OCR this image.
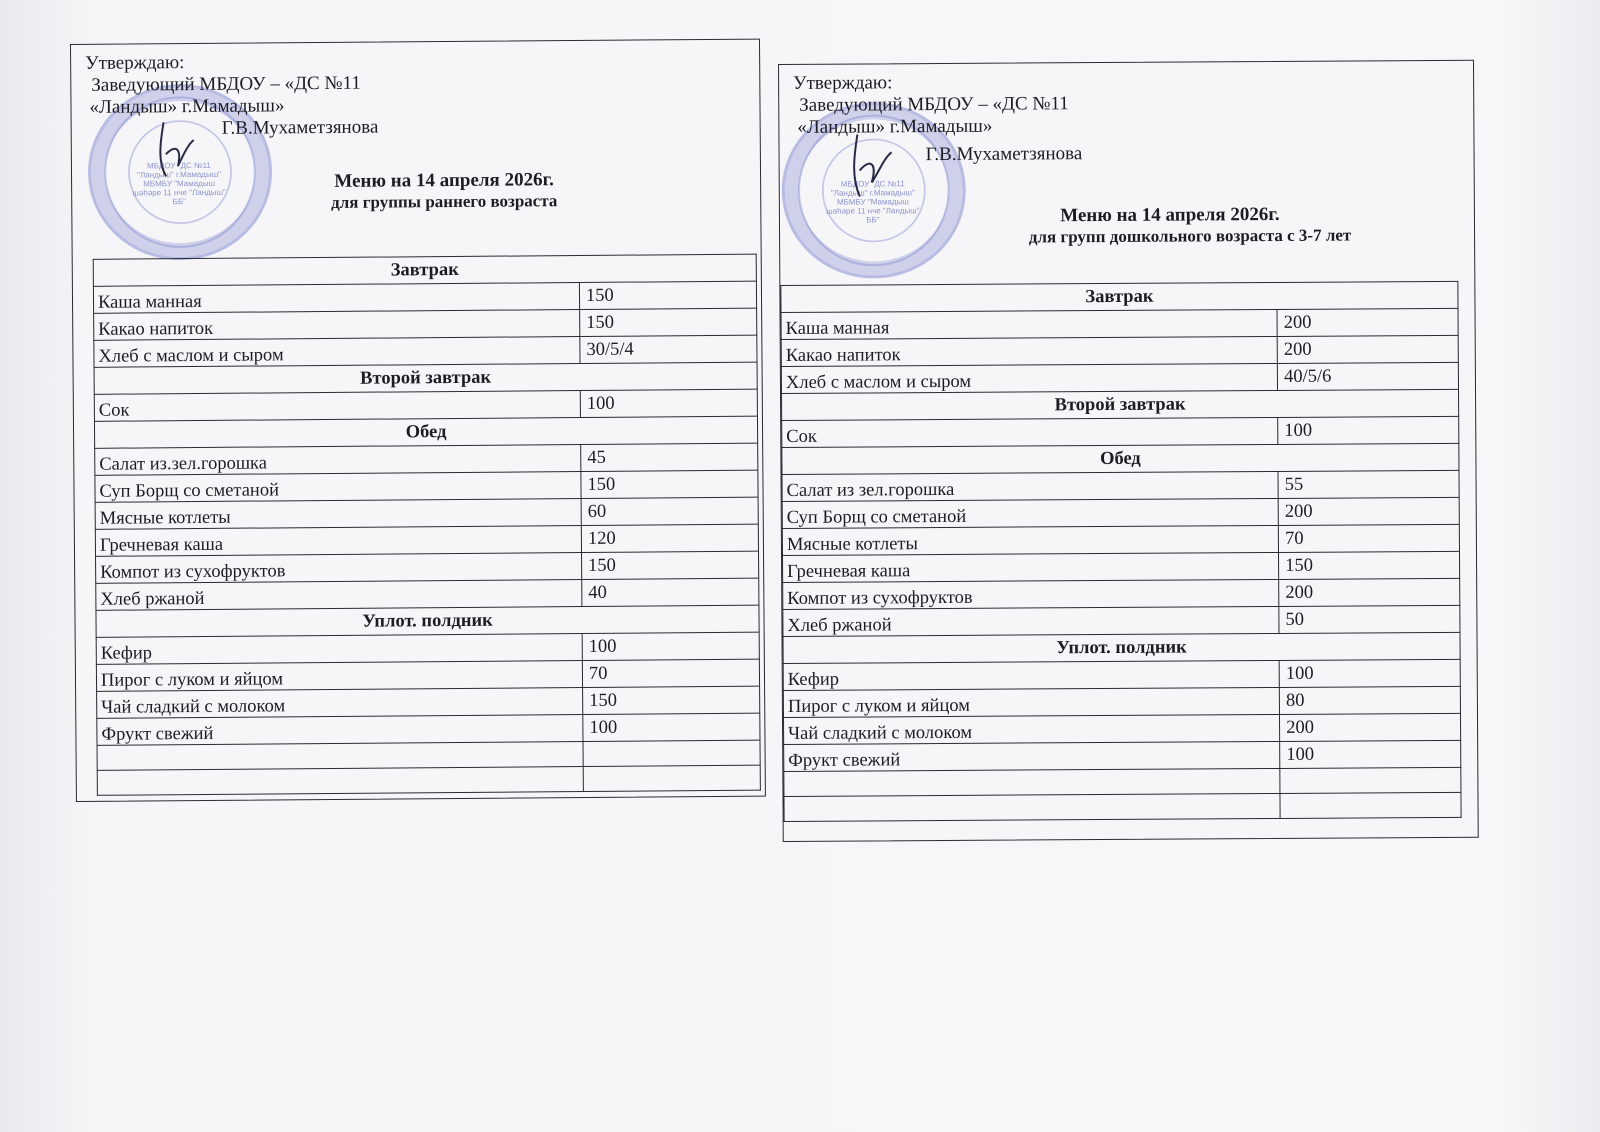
МБДОУ "ДС №11 "Ландыш" г.Мамадыш" МБМБУ "Мамадыш шәһәре 11 нче "Ландыш" ББ"
Утверждаю:
Заведующий МБДОУ – «ДС №11
«Ландыш» г.Мамадыш»
Г.В.Мухаметзянова
Меню на 14 апреля 2026г.
для группы раннего возраста
Завтрак	
Каша манная	150
Какао напиток	150
Хлеб с маслом и сыром	30/5/4
Второй завтрак	
Сок	100
Обед	
Салат из.зел.горошка	45
Суп Борщ со сметаной	150
Мясные котлеты	60
Гречневая каша	120
Компот из сухофруктов	150
Хлеб ржаной	40
Уплот. полдник	
Кефир	100
Пирог с луком и яйцом	70
Чай сладкий с молоком	150
Фрукт свежий	100

МБДОУ "ДС №11 "Ландыш" г.Мамадыш" МБМБУ "Мамадыш шәһәре 11 нче "Ландыш" ББ"
Утверждаю:
Заведующий МБДОУ – «ДС №11
«Ландыш» г.Мамадыш»
Г.В.Мухаметзянова
Меню на 14 апреля 2026г.
для групп дошкольного возраста с 3-7 лет
Завтрак	
Каша манная	200
Какао напиток	200
Хлеб с маслом и сыром	40/5/6
Второй завтрак	
Сок	100
Обед	
Салат из зел.горошка	55
Суп Борщ со сметаной	200
Мясные котлеты	70
Гречневая каша	150
Компот из сухофруктов	200
Хлеб ржаной	50
Уплот. полдник	
Кефир	100
Пирог с луком и яйцом	80
Чай сладкий с молоком	200
Фрукт свежий	100
